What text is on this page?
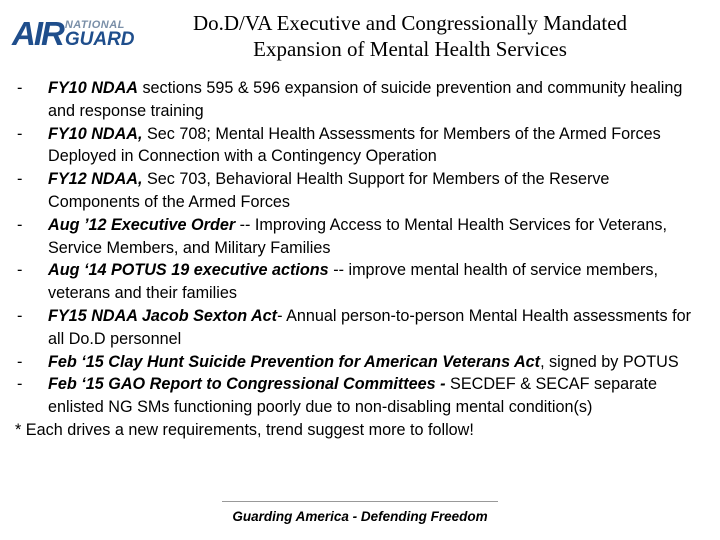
AIR NATIONAL
GUARD
Do.D/VA Executive and Congressionally Mandated
Expansion of Mental Health Services
-	FY10 NDAA sections 595 & 596 expansion of suicide prevention and community healing and response training
-	FY10 NDAA, Sec 708; Mental Health Assessments for Members of the Armed Forces Deployed in Connection with a Contingency Operation
-	FY12 NDAA, Sec 703, Behavioral Health Support for Members of the Reserve Components of the Armed Forces
-	Aug ’12 Executive Order -- Improving Access to Mental Health Services for Veterans, Service Members, and Military Families
-	Aug ‘14 POTUS 19 executive actions -- improve mental health of service members, veterans and their families
-	FY15 NDAA Jacob Sexton Act- Annual person-to-person Mental Health assessments for all Do.D personnel
-	Feb ‘15 Clay Hunt Suicide Prevention for American Veterans Act, signed by POTUS
-	Feb ‘15 GAO Report to Congressional Committees - SECDEF & SECAF separate enlisted NG SMs functioning poorly due to non-disabling mental condition(s)
* Each drives a new requirements, trend suggest more to follow!
Guarding America - Defending Freedom
